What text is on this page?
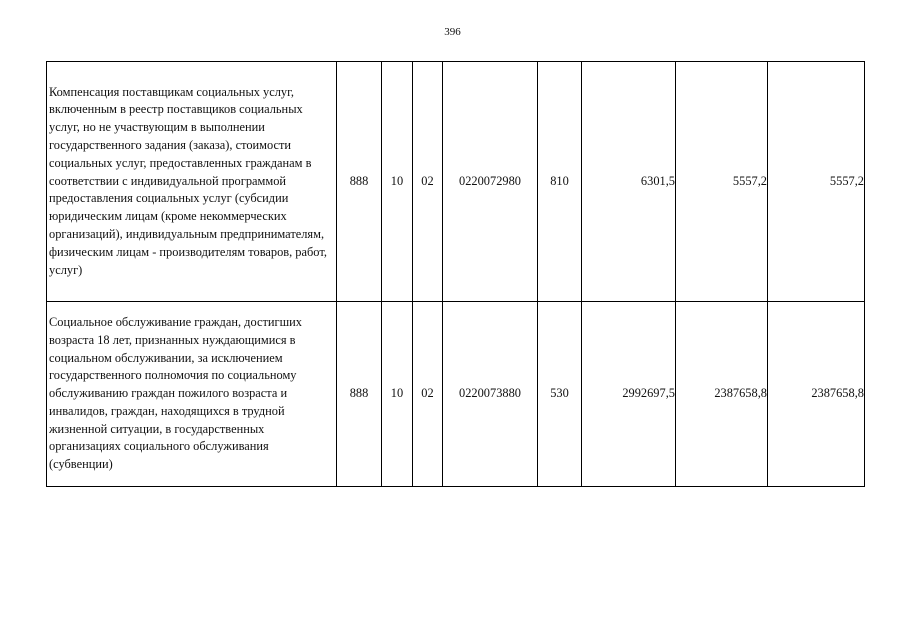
396
Компенсация поставщикам социальных услуг, включенным в реестр поставщиков социальных услуг, но не участвующим в выполнении государственного задания (заказа), стоимости социальных услуг, предоставленных гражданам в соответствии с индивидуальной программой предоставления социальных услуг (субсидии юридическим лицам (кроме некоммерческих организаций), индивидуальным предпринимателям, физическим лицам - производителям товаров, работ, услуг)	888	10	02	0220072980	810	6301,5	5557,2	5557,2
Социальное обслуживание граждан, достигших возраста 18 лет, признанных нуждающимися в социальном обслуживании, за исключением государственного полномочия по социальному обслуживанию граждан пожилого возраста и инвалидов, граждан, находящихся в трудной жизненной ситуации, в государственных организациях социального обслуживания (субвенции)	888	10	02	0220073880	530	2992697,5	2387658,8	2387658,8
